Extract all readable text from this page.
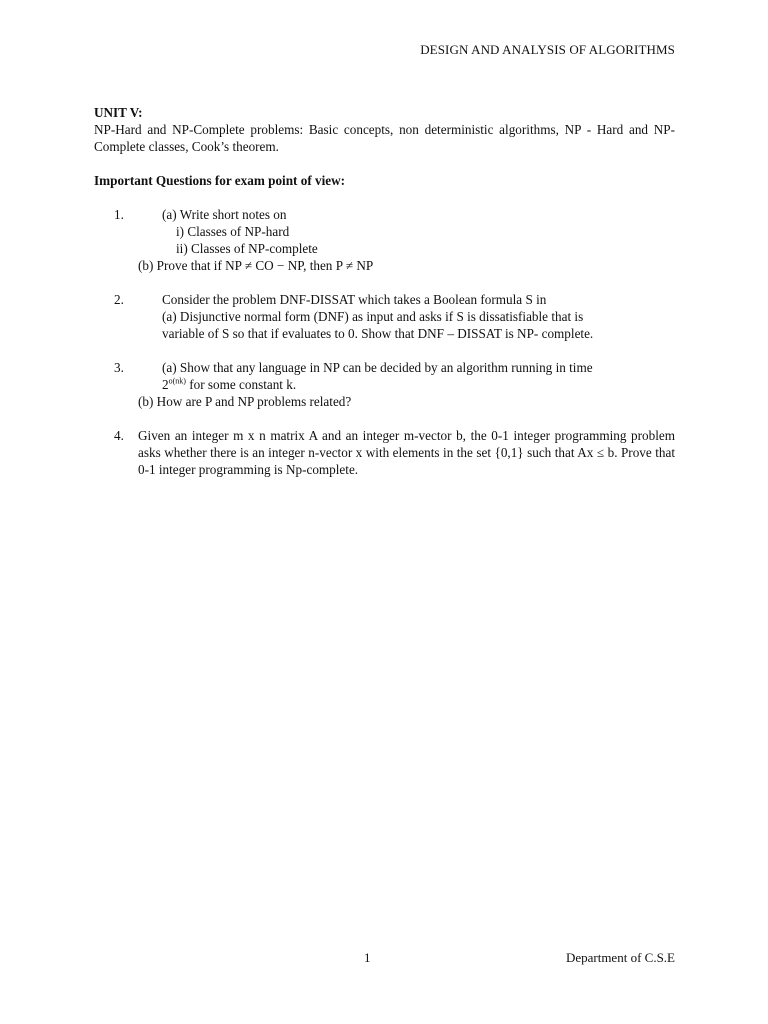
DESIGN AND ANALYSIS OF ALGORITHMS
UNIT V:
NP-Hard and NP-Complete problems: Basic concepts, non deterministic algorithms, NP - Hard and NP-Complete classes, Cook’s theorem.
Important Questions for exam point of view:
1.	(a) Write short notes on
i) Classes of NP-hard
ii) Classes of NP-complete
(b) Prove that if NP ≠ CO − NP, then P ≠ NP
2.	Consider the problem DNF-DISSAT which takes a Boolean formula S in
(a) Disjunctive normal form (DNF) as input and asks if S is dissatisfiable that is
variable of S so that if evaluates to 0. Show that DNF – DISSAT is NP- complete.
3.	(a) Show that any language in NP can be decided by an algorithm running in time
$2^{o(nk)}$ for some constant k.
(b) How are P and NP problems related?
4. Given an integer m x n matrix A and an integer m-vector b, the 0-1 integer programming problem asks whether there is an integer n-vector x with elements in the set {0,1} such that Ax ≤ b. Prove that 0-1 integer programming is Np-complete.
1	Department of C.S.E
